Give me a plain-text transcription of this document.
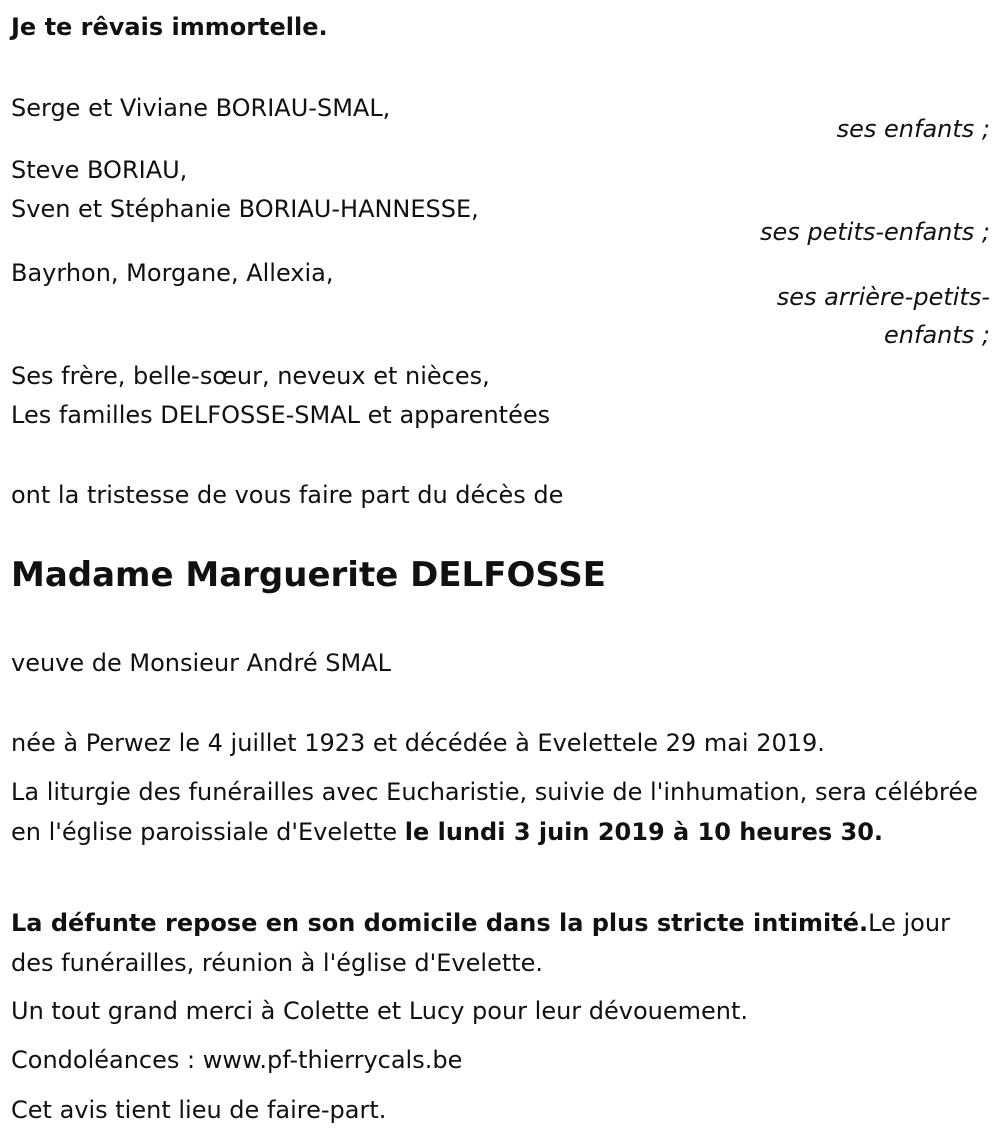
Je te rêvais immortelle.
Serge et Viviane BORIAU-SMAL,
ses enfants ;
Steve BORIAU,
Sven et Stéphanie BORIAU-HANNESSE,
ses petits-enfants ;
Bayrhon, Morgane, Allexia,
ses arrière-petits-
enfants ;
Ses frère, belle-sœur, neveux et nièces,
Les familles DELFOSSE-SMAL et apparentées
ont la tristesse de vous faire part du décès de
Madame Marguerite DELFOSSE
veuve de Monsieur André SMAL
née à Perwez le 4 juillet 1923 et décédée à Evelettele 29 mai 2019.
La liturgie des funérailles avec Eucharistie, suivie de l'inhumation, sera célébrée en l'église paroissiale d'Evelette le lundi 3 juin 2019 à 10 heures 30.
La défunte repose en son domicile dans la plus stricte intimité.Le jour des funérailles, réunion à l'église d'Evelette.
Un tout grand merci à Colette et Lucy pour leur dévouement.
Condoléances : www.pf-thierrycals.be
Cet avis tient lieu de faire-part.
